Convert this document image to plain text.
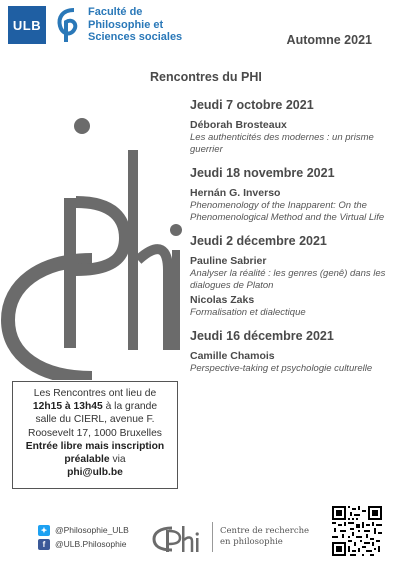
ULB
Faculté de
Philosophie et
Sciences sociales	Automne 2021
Rencontres du PHI
Jeudi 7 octobre 2021
Déborah Brosteaux
Les authenticités des modernes : un prisme guerrier
Jeudi 18 novembre 2021
Hernán G. Inverso
Phenomenology of the Inapparent: On the Phenomenological Method and the Virtual Life
Jeudi 2 décembre 2021
Pauline Sabrier
Analyser la réalité : les genres (genê) dans les dialogues de Platon
Nicolas Zaks
Formalisation et dialectique
Jeudi 16 décembre 2021
Camille Chamois
Perspective-taking et psychologie culturelle
Les Rencontres ont lieu de
12h15 à 13h45 à la grande
salle du CIERL, avenue F.
Roosevelt 17, 1000 Bruxelles
Entrée libre mais inscription
préalable via
phi@ulb.be
✦ @Philosophie_ULB
f	@ULB.Philosophie
Centre de recherche
en philosophie
